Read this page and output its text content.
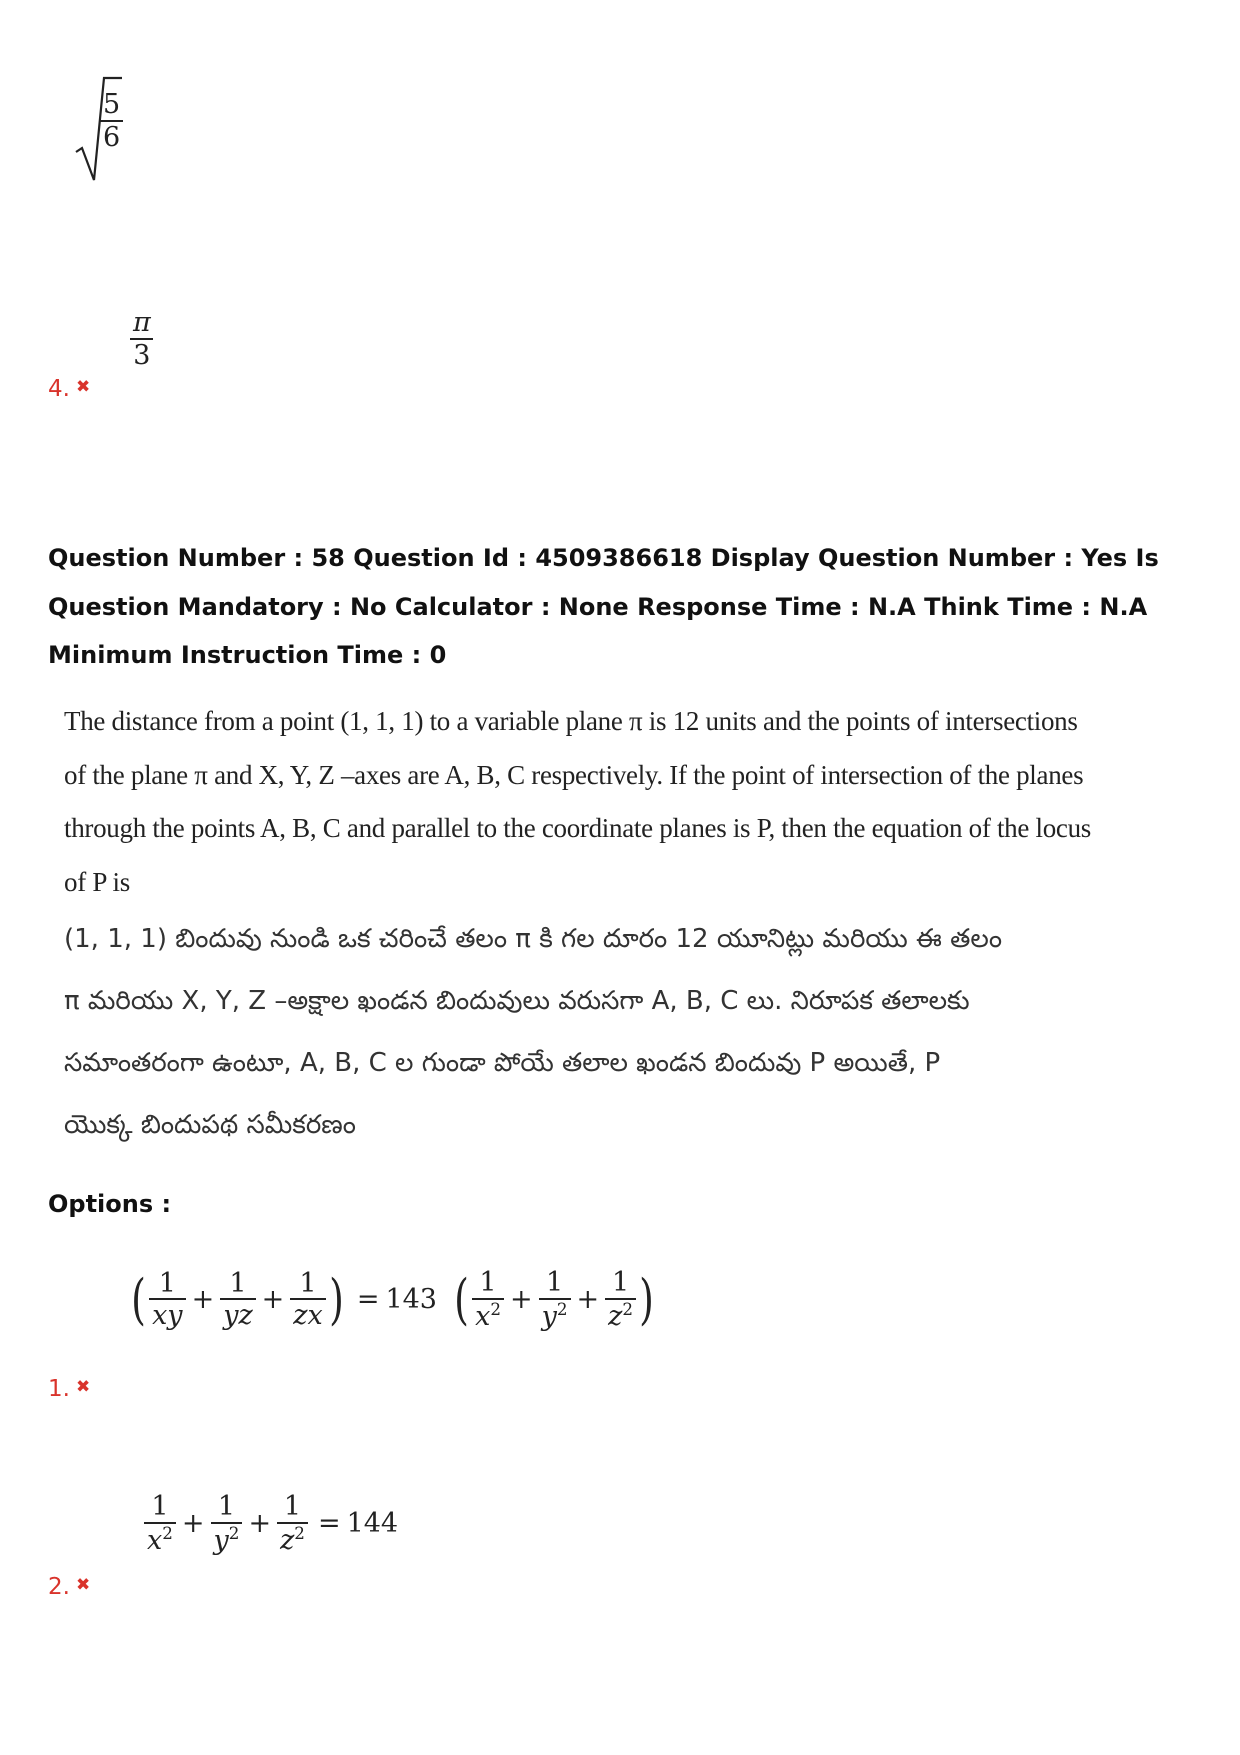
$\frac{5}{6}$
$\frac{\pi}{3}$
4. ✖
Question Number : 58 Question Id : 4509386618 Display Question Number : Yes Is Question Mandatory : No Calculator : None Response Time : N.A Think Time : N.A Minimum Instruction Time : 0
The distance from a point (1, 1, 1) to a variable plane π is 12 units and the points of intersections
of the plane π and X, Y, Z –axes are A, B, C respectively. If the point of intersection of the planes
through the points A, B, C and parallel to the coordinate planes is P, then the equation of the locus
of P is
(1, 1, 1) బిందువు నుండి ఒక చరించే తలం π కి గల దూరం 12 యూనిట్లు మరియు ఈ తలం
π మరియు X, Y, Z –అక్షాల ఖండన బిందువులు వరుసగా A, B, C లు. నిరూపక తలాలకు
సమాంతరంగా ఉంటూ, A, B, C ల గుండా పోయే తలాల ఖండన బిందువు P అయితే, P
యొక్క బిందుపథ సమీకరణం
Options :
( $\frac{1}{xy} + \frac{1}{yz} + \frac{1}{zx}$ ) = 143 ( $\frac{1}{x^2} + \frac{1}{y^2} + \frac{1}{z^2}$ )
1. ✖
$\frac{1}{x^2} + \frac{1}{y^2} + \frac{1}{z^2} = 144$
2. ✖
